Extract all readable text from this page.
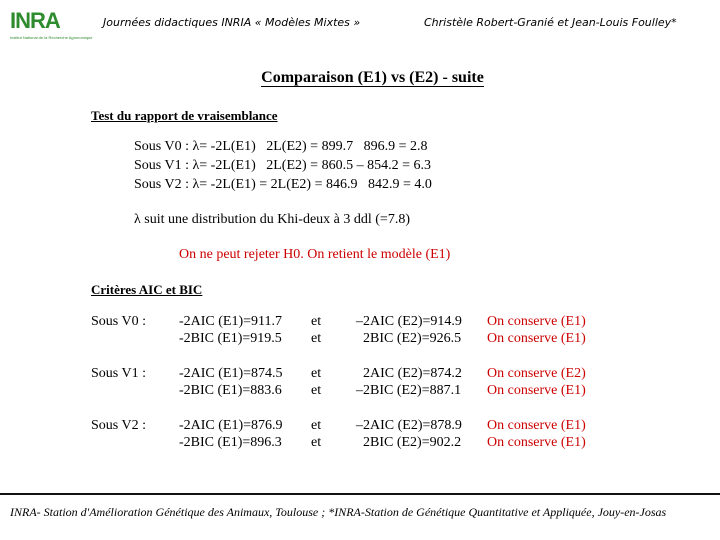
INRA
Institut National de la Recherche Agronomique
Journées didactiques INRIA « Modèles Mixtes »	Christèle Robert-Granié et Jean-Louis Foulley*
Comparaison (E1) vs (E2) - suite
Test du rapport de vraisemblance
Sous V0 : λ= -2L(E1)   2L(E2) = 899.7   896.9 = 2.8
Sous V1 : λ= -2L(E1)   2L(E2) = 860.5 – 854.2 = 6.3
Sous V2 : λ= -2L(E1) = 2L(E2) = 846.9   842.9 = 4.0
λ suit une distribution du Khi-deux à 3 ddl (=7.8)
On ne peut rejeter H0. On retient le modèle (E1)
Critères AIC et BIC
Sous V0 : -2AIC (E1)=911.7 et –2AIC (E2)=914.9 On conserve (E1)
-2BIC (E1)=919.5 et	2BIC (E2)=926.5 On conserve (E1)
Sous V1 : -2AIC (E1)=874.5 et	2AIC (E2)=874.2 On conserve (E2)
-2BIC (E1)=883.6 et –2BIC (E2)=887.1 On conserve (E1)
Sous V2 : -2AIC (E1)=876.9 et –2AIC (E2)=878.9 On conserve (E1)
-2BIC (E1)=896.3 et	2BIC (E2)=902.2 On conserve (E1)
INRA- Station d'Amélioration Génétique des Animaux, Toulouse ; *INRA-Station de Génétique Quantitative et Appliquée, Jouy-en-Josas
